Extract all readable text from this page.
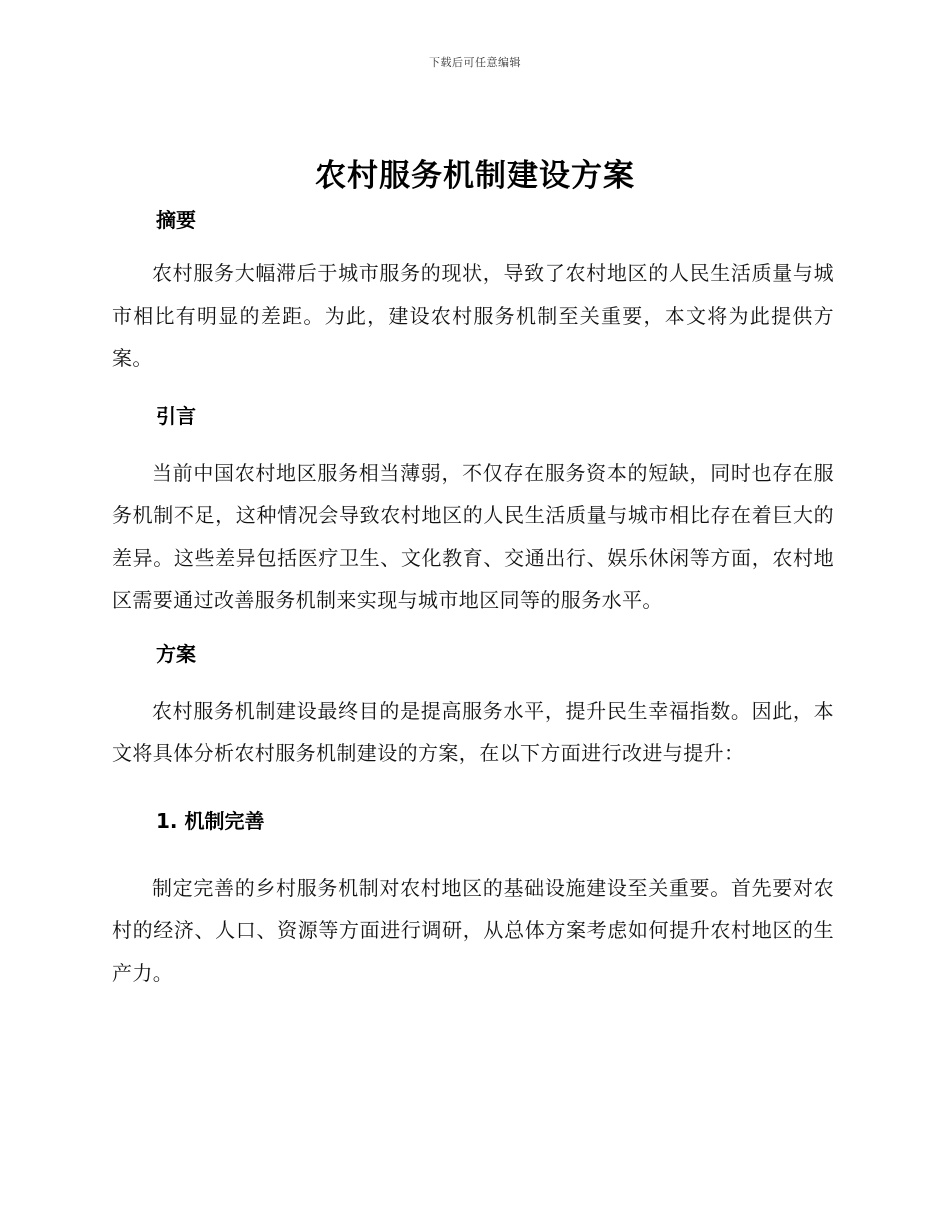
下载后可任意编辑
农村服务机制建设方案
摘要

农村服务大幅滞后于城市服务的现状，导致了农村地区的人民生活质量与城市相比有明显的差距。为此，建设农村服务机制至关重要，本文将为此提供方案。

引言

当前中国农村地区服务相当薄弱，不仅存在服务资本的短缺，同时也存在服务机制不足，这种情况会导致农村地区的人民生活质量与城市相比存在着巨大的差异。这些差异包括医疗卫生、文化教育、交通出行、娱乐休闲等方面，农村地区需要通过改善服务机制来实现与城市地区同等的服务水平。

方案

农村服务机制建设最终目的是提高服务水平，提升民生幸福指数。因此，本文将具体分析农村服务机制建设的方案，在以下方面进行改进与提升：

1. 机制完善

制定完善的乡村服务机制对农村地区的基础设施建设至关重要。首先要对农村的经济、人口、资源等方面进行调研，从总体方案考虑如何提升农村地区的生产力。
